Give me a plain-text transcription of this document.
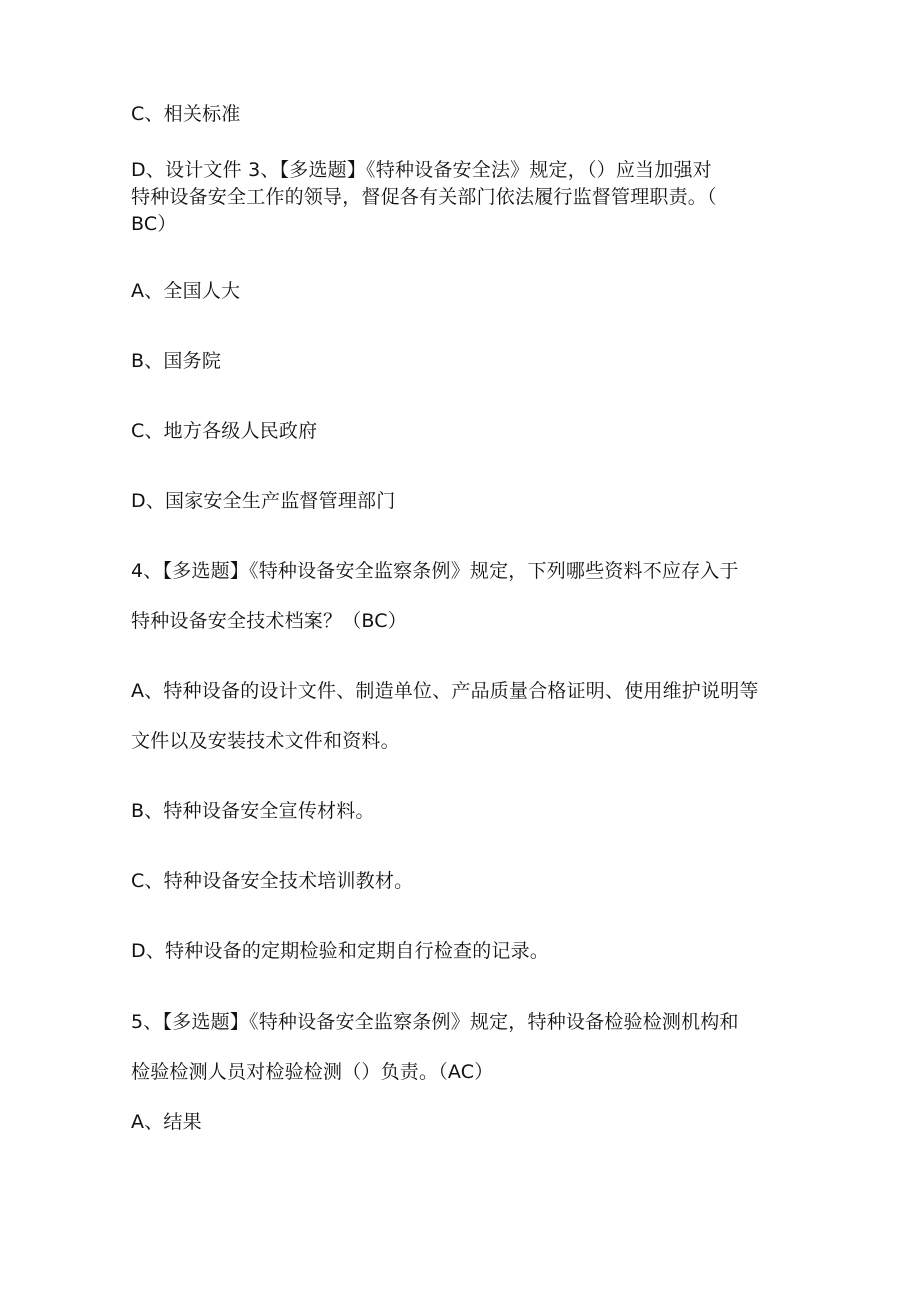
C、相关标准
D、设计文件 3、【多选题】《特种设备安全法》规定，（）应当加强对
特种设备安全工作的领导，督促各有关部门依法履行监督管理职责。（
BC）
A、全国人大
B、国务院
C、地方各级人民政府
D、国家安全生产监督管理部门
4、【多选题】《特种设备安全监察条例》规定，下列哪些资料不应存入于
特种设备安全技术档案？（BC）
A、特种设备的设计文件、制造单位、产品质量合格证明、使用维护说明等
文件以及安装技术文件和资料。
B、特种设备安全宣传材料。
C、特种设备安全技术培训教材。
D、特种设备的定期检验和定期自行检查的记录。
5、【多选题】《特种设备安全监察条例》规定，特种设备检验检测机构和
检验检测人员对检验检测（）负责。（AC）
A、结果
